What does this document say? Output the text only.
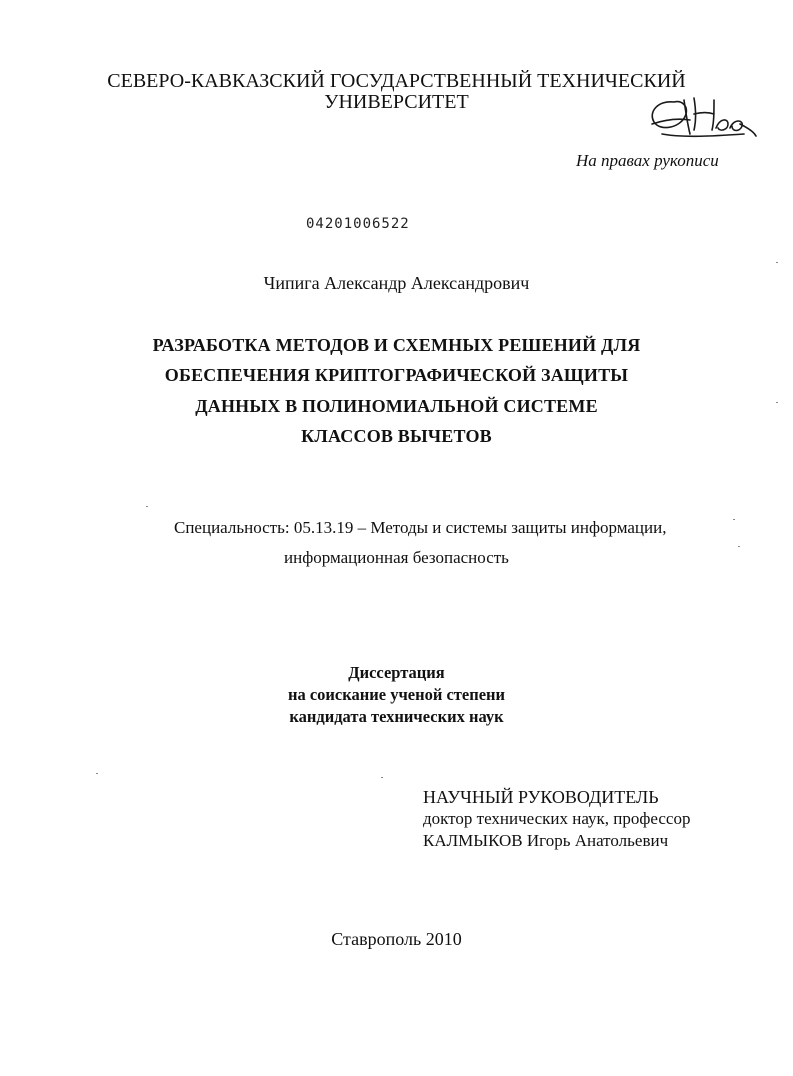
СЕВЕРО-КАВКАЗСКИЙ ГОСУДАРСТВЕННЫЙ ТЕХНИЧЕСКИЙ
УНИВЕРСИТЕТ
На правах рукописи
04201006522
Чипига Александр Александрович
РАЗРАБОТКА МЕТОДОВ И СХЕМНЫХ РЕШЕНИЙ ДЛЯ
ОБЕСПЕЧЕНИЯ КРИПТОГРАФИЧЕСКОЙ ЗАЩИТЫ
ДАННЫХ В ПОЛИНОМИАЛЬНОЙ СИСТЕМЕ
КЛАССОВ ВЫЧЕТОВ
Специальность: 05.13.19 – Методы и системы защиты информации,
информационная безопасность
Диссертация
на соискание ученой степени
кандидата технических наук
НАУЧНЫЙ РУКОВОДИТЕЛЬ
доктор технических наук, профессор
КАЛМЫКОВ Игорь Анатольевич
Ставрополь 2010
